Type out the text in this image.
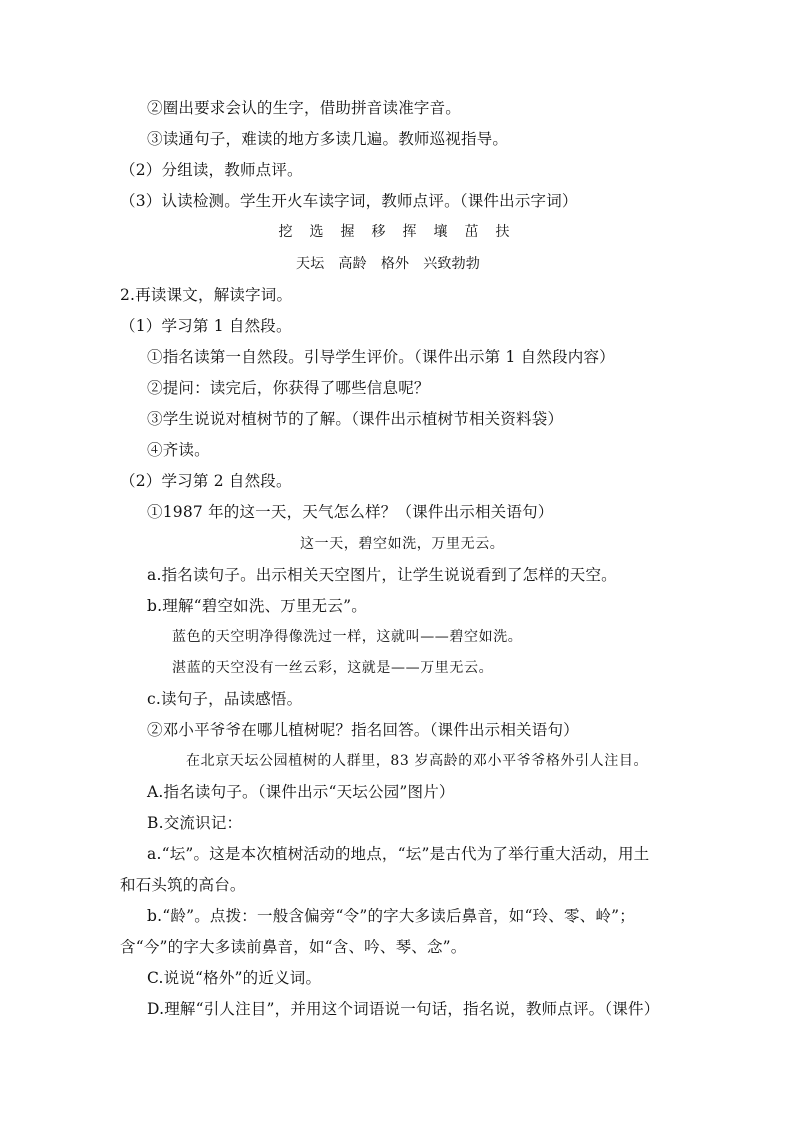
②圈出要求会认的生字，借助拼音读准字音。
③读通句子，难读的地方多读几遍。教师巡视指导。
（2）分组读，教师点评。
（3）认读检测。学生开火车读字词，教师点评。（课件出示字词）
挖 选 握 移 挥 壤 茁 扶
天坛 高龄 格外 兴致勃勃
2.再读课文，解读字词。
（1）学习第 1 自然段。
①指名读第一自然段。引导学生评价。（课件出示第 1 自然段内容）
②提问：读完后，你获得了哪些信息呢？
③学生说说对植树节的了解。（课件出示植树节相关资料袋）
④齐读。
（2）学习第 2 自然段。
①1987 年的这一天，天气怎么样？（课件出示相关语句）
这一天，碧空如洗，万里无云。
a.指名读句子。出示相关天空图片，让学生说说看到了怎样的天空。
b.理解“碧空如洗、万里无云”。
蓝色的天空明净得像洗过一样，这就叫——碧空如洗。
湛蓝的天空没有一丝云彩，这就是——万里无云。
c.读句子，品读感悟。
②邓小平爷爷在哪儿植树呢？指名回答。（课件出示相关语句）
在北京天坛公园植树的人群里，83 岁高龄的邓小平爷爷格外引人注目。
A.指名读句子。（课件出示“天坛公园”图片）
B.交流识记：
a.“坛”。这是本次植树活动的地点，“坛”是古代为了举行重大活动，用土
和石头筑的高台。
b.“龄”。点拨：一般含偏旁“令”的字大多读后鼻音，如“玲、零、岭”；
含“今”的字大多读前鼻音，如“含、吟、琴、念”。
C.说说“格外”的近义词。
D.理解“引人注目”，并用这个词语说一句话，指名说，教师点评。（课件）
